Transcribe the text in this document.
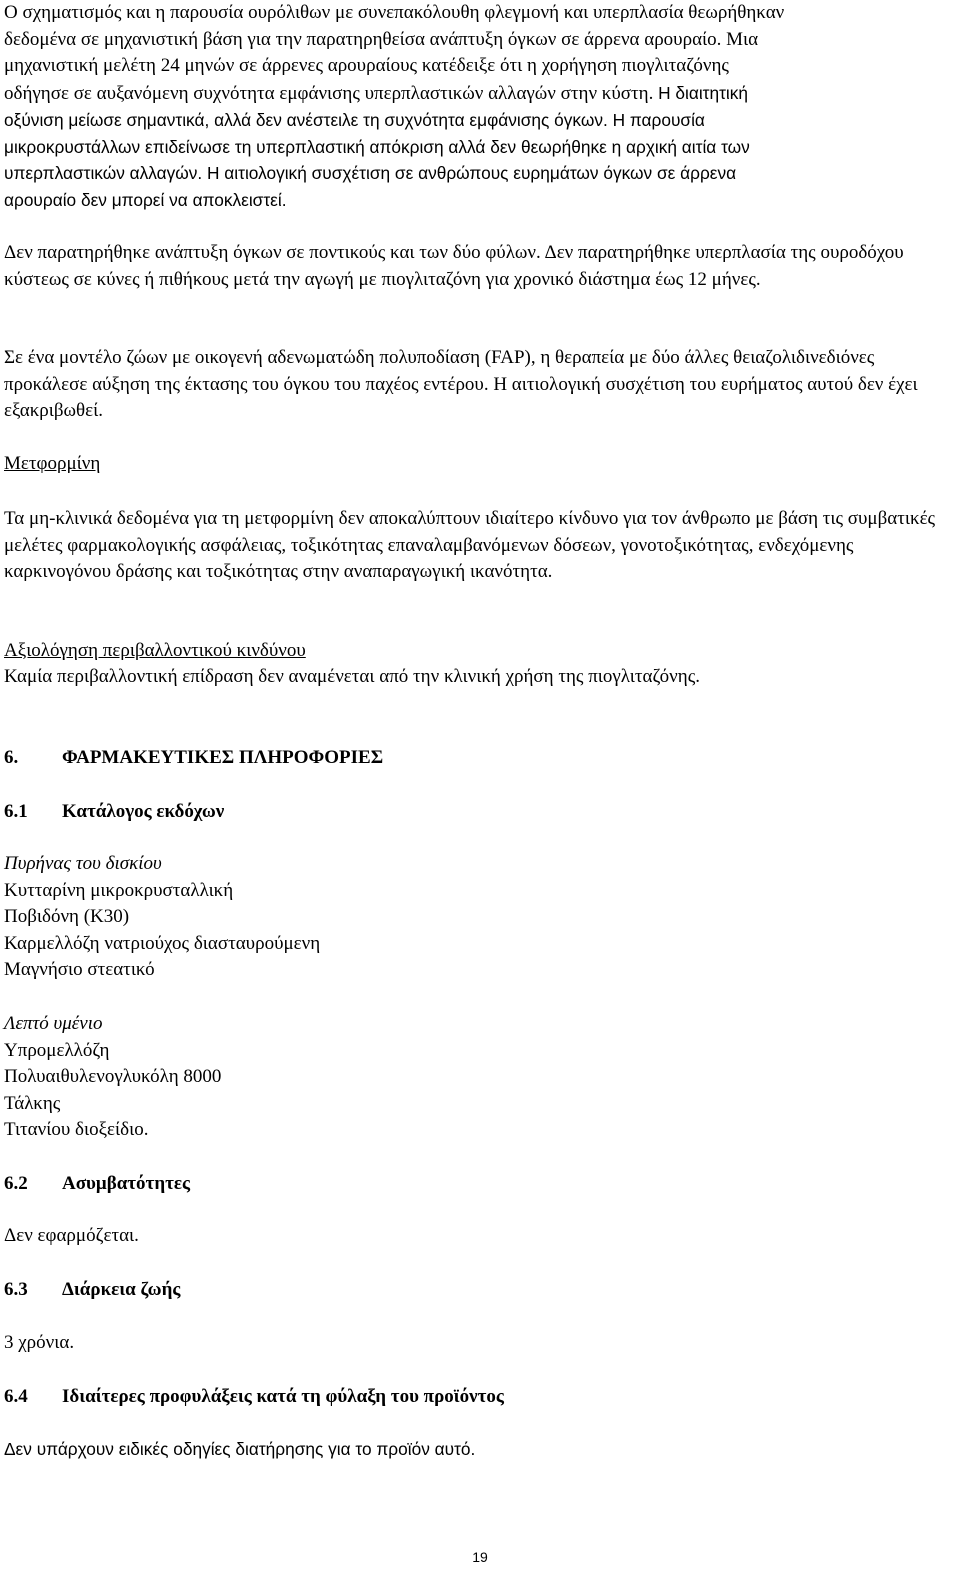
Ο σχηματισμός και η παρουσία ουρόλιθων με συνεπακόλουθη φλεγμονή και υπερπλασία θεωρήθηκαν
δεδομένα σε μηχανιστική βάση για την παρατηρηθείσα ανάπτυξη όγκων σε άρρενα αρουραίο. Μια
μηχανιστική μελέτη 24 μηνών σε άρρενες αρουραίους κατέδειξε ότι η χορήγηση πιογλιταζόνης
οδήγησε σε αυξανόμενη συχνότητα εμφάνισης υπερπλαστικών αλλαγών στην κύστη. Η διαιτητική
οξύνιση μείωσε σημαντικά, αλλά δεν ανέστειλε τη συχνότητα εμφάνισης όγκων. Η παρουσία
μικροκρυστάλλων επιδείνωσε τη υπερπλαστική απόκριση αλλά δεν θεωρήθηκε η αρχική αιτία των
υπερπλαστικών αλλαγών. Η αιτιολογική συσχέτιση σε ανθρώπους ευρημάτων όγκων σε άρρενα
αρουραίο δεν μπορεί να αποκλειστεί.

Δεν παρατηρήθηκε ανάπτυξη όγκων σε ποντικούς και των δύο φύλων. Δεν παρατηρήθηκε υπερπλασία της ουροδόχου κύστεως σε κύνες ή πιθήκους μετά την αγωγή με πιογλιταζόνη για χρονικό διάστημα έως 12 μήνες.

Σε ένα μοντέλο ζώων με οικογενή αδενωματώδη πολυποδίαση (FAP), η θεραπεία με δύο άλλες θειαζολιδινεδιόνες προκάλεσε αύξηση της έκτασης του όγκου του παχέος εντέρου. Η αιτιολογική συσχέτιση του ευρήματος αυτού δεν έχει εξακριβωθεί.

Μετφορμίνη

Τα μη-κλινικά δεδομένα για τη μετφορμίνη δεν αποκαλύπτουν ιδιαίτερο κίνδυνο για τον άνθρωπο με βάση τις συμβατικές μελέτες φαρμακολογικής ασφάλειας, τοξικότητας επαναλαμβανόμενων δόσεων, γονοτοξικότητας, ενδεχόμενης καρκινογόνου δράσης και τοξικότητας στην αναπαραγωγική ικανότητα.

Αξιολόγηση περιβαλλοντικού κινδύνου

Καμία περιβαλλοντική επίδραση δεν αναμένεται από την κλινική χρήση της πιογλιταζόνης.

6. ΦΑΡΜΑΚΕΥΤΙΚΕΣ ΠΛΗΡΟΦΟΡΙΕΣ
6.1 Κατάλογος εκδόχων
Πυρήνας του δισκίου
Κυτταρίνη μικροκρυσταλλική
Ποβιδόνη (K30)
Καρμελλόζη νατριούχος διασταυρούμενη
Μαγνήσιο στεατικό
Λεπτό υμένιο
Υπρομελλόζη
Πολυαιθυλενογλυκόλη 8000
Τάλκης
Τιτανίου διοξείδιο.
6.2 Ασυμβατότητες

Δεν εφαρμόζεται.

6.3 Διάρκεια ζωής

3 χρόνια.

6.4 Ιδιαίτερες προφυλάξεις κατά τη φύλαξη του προϊόντος

Δεν υπάρχουν ειδικές οδηγίες διατήρησης για το προϊόν αυτό.

19
